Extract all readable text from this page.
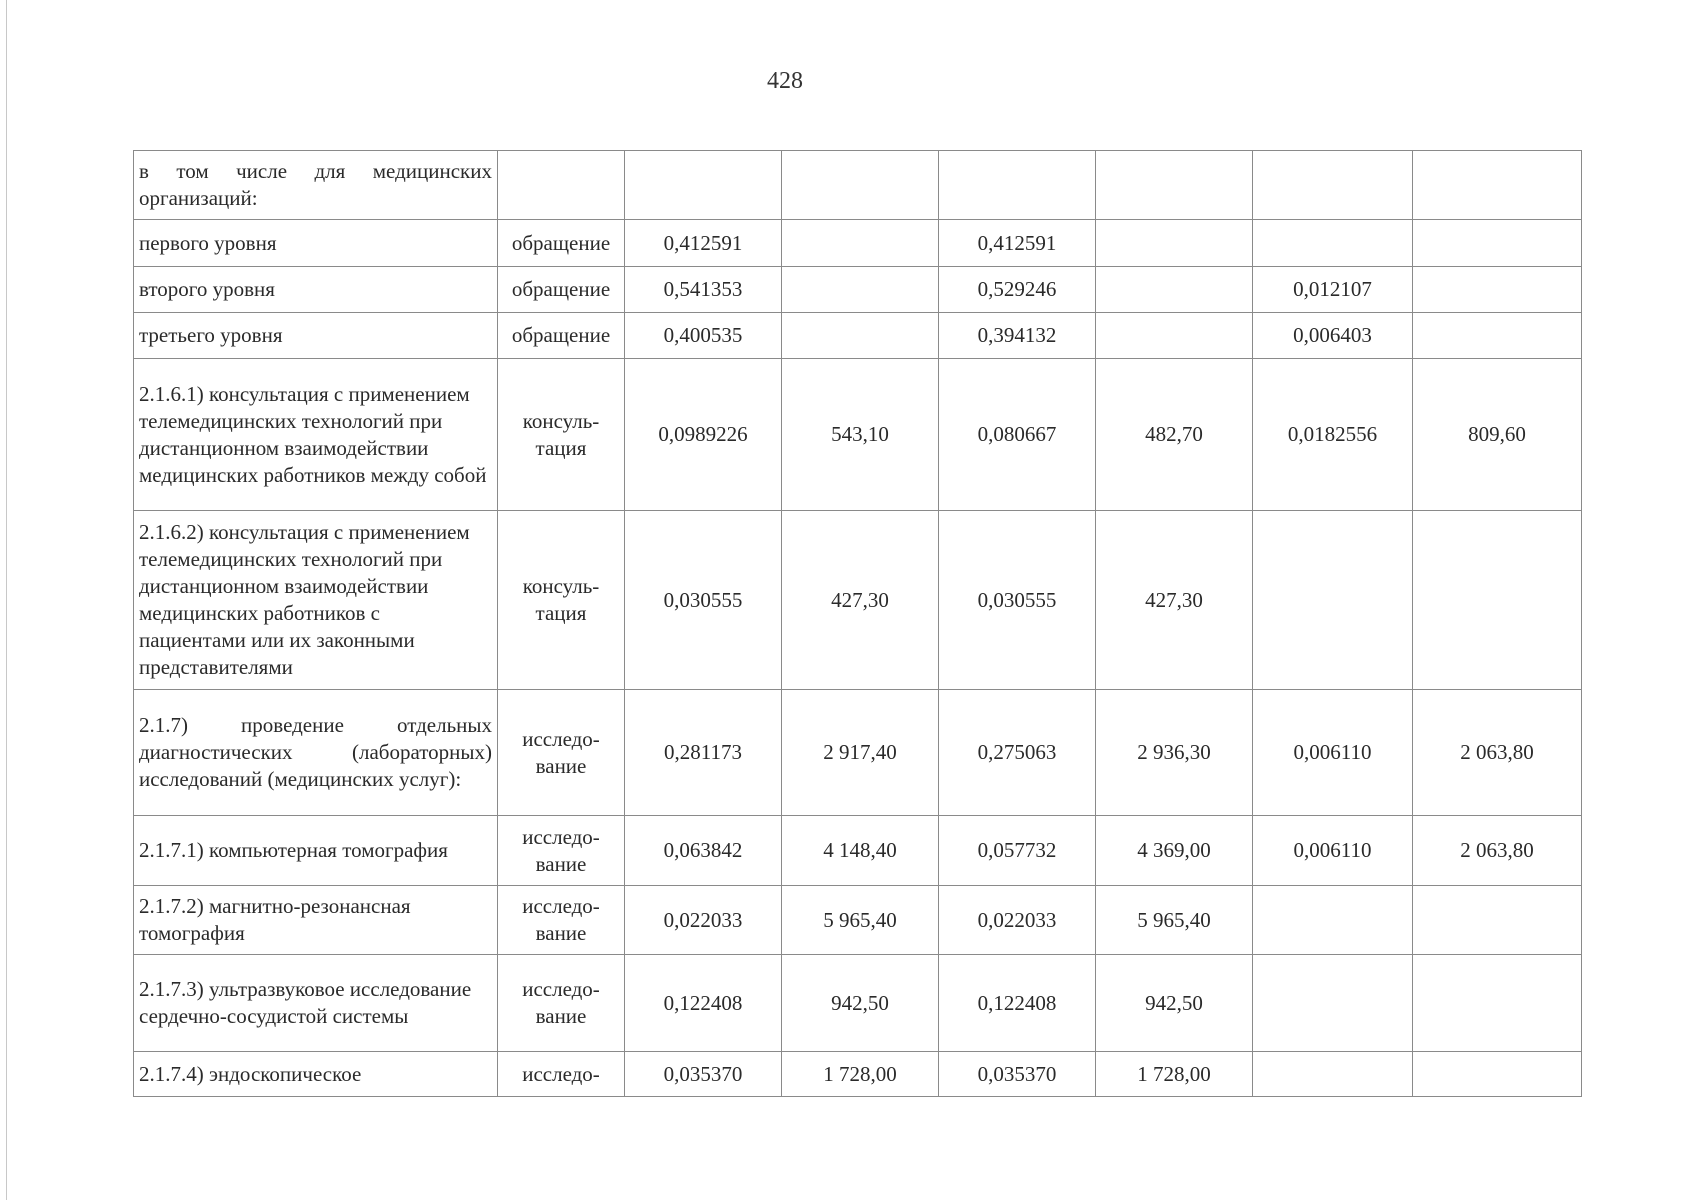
428
в том числе для медицинских организаций:							
первого уровня	обращение	0,412591		0,412591			
второго уровня	обращение	0,541353		0,529246		0,012107	
третьего уровня	обращение	0,400535		0,394132		0,006403	
2.1.6.1) консультация с применением телемедицинских технологий при дистанционном взаимодействии медицинских работников между собой	консуль-тация	0,0989226	543,10	0,080667	482,70	0,0182556	809,60
2.1.6.2) консультация с применением телемедицинских технологий при дистанционном взаимодействии медицинских работников с пациентами или их законными представителями	консуль-тация	0,030555	427,30	0,030555	427,30		
2.1.7) проведение отдельных диагностических (лабораторных) исследований (медицинских услуг):	исследо-вание	0,281173	2 917,40	0,275063	2 936,30	0,006110	2 063,80
2.1.7.1) компьютерная томография	исследо-вание	0,063842	4 148,40	0,057732	4 369,00	0,006110	2 063,80
2.1.7.2) магнитно-резонансная томография	исследо-вание	0,022033	5 965,40	0,022033	5 965,40		
2.1.7.3) ультразвуковое исследование сердечно-сосудистой системы	исследо-вание	0,122408	942,50	0,122408	942,50		
2.1.7.4) эндоскопическое	исследо-	0,035370	1 728,00	0,035370	1 728,00		
